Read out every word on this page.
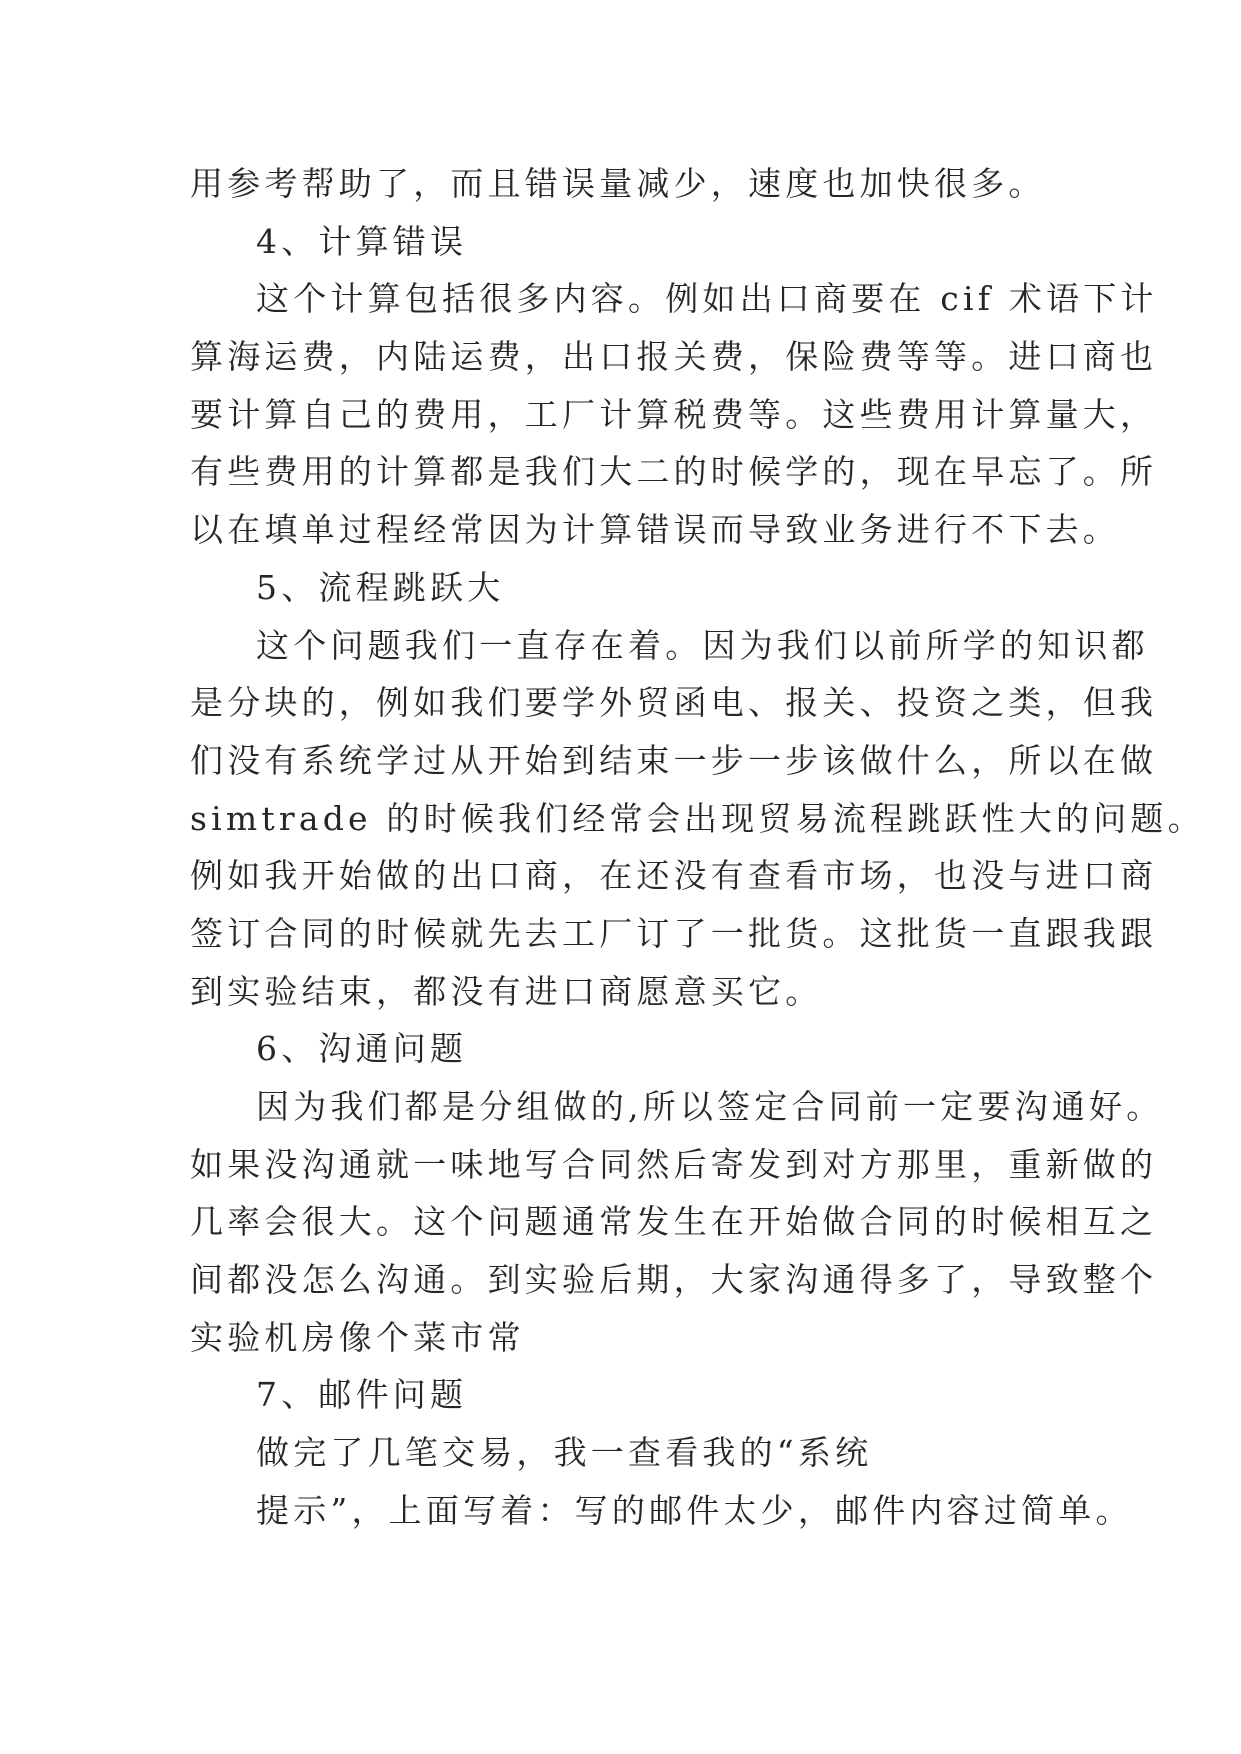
用参考帮助了，而且错误量减少，速度也加快很多。
4、计算错误
这个计算包括很多内容。例如出口商要在 cif 术语下计
算海运费，内陆运费，出口报关费，保险费等等。进口商也
要计算自己的费用，工厂计算税费等。这些费用计算量大，
有些费用的计算都是我们大二的时候学的，现在早忘了。所
以在填单过程经常因为计算错误而导致业务进行不下去。
5、流程跳跃大
这个问题我们一直存在着。因为我们以前所学的知识都
是分块的，例如我们要学外贸函电、报关、投资之类，但我
们没有系统学过从开始到结束一步一步该做什么，所以在做
simtrade 的时候我们经常会出现贸易流程跳跃性大的问题。
例如我开始做的出口商，在还没有查看市场，也没与进口商
签订合同的时候就先去工厂订了一批货。这批货一直跟我跟
到实验结束，都没有进口商愿意买它。
6、沟通问题
因为我们都是分组做的,所以签定合同前一定要沟通好。
如果没沟通就一味地写合同然后寄发到对方那里，重新做的
几率会很大。这个问题通常发生在开始做合同的时候相互之
间都没怎么沟通。到实验后期，大家沟通得多了，导致整个
实验机房像个菜市常
7、邮件问题
做完了几笔交易，我一查看我的“系统
提示”，上面写着：写的邮件太少，邮件内容过简单。
